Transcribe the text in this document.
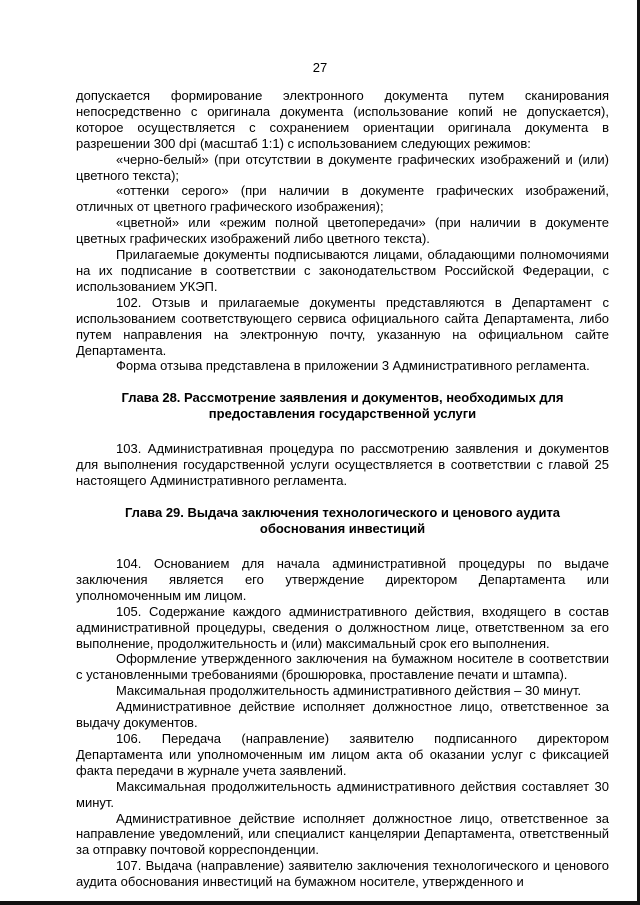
27

допускается формирование электронного документа путем сканирования непосредственно с оригинала документа (использование копий не допускается), которое осуществляется с сохранением ориентации оригинала документа в разрешении 300 dpi (масштаб 1:1) с использованием следующих режимов:

«черно-белый» (при отсутствии в документе графических изображений и (или) цветного текста);

«оттенки серого» (при наличии в документе графических изображений, отличных от цветного графического изображения);

«цветной» или «режим полной цветопередачи» (при наличии в документе цветных графических изображений либо цветного текста).

Прилагаемые документы подписываются лицами, обладающими полномочиями на их подписание в соответствии с законодательством Российской Федерации, с использованием УКЭП.

102. Отзыв и прилагаемые документы представляются в Департамент с использованием соответствующего сервиса официального сайта Департамента, либо путем направления на электронную почту, указанную на официальном сайте Департамента.

Форма отзыва представлена в приложении 3 Административного регламента.

Глава 28. Рассмотрение заявления и документов, необходимых для предоставления государственной услуги

103. Административная процедура по рассмотрению заявления и документов для выполнения государственной услуги осуществляется в соответствии с главой 25 настоящего Административного регламента.

Глава 29. Выдача заключения технологического и ценового аудита обоснования инвестиций

104. Основанием для начала административной процедуры по выдаче заключения является его утверждение директором Департамента или уполномоченным им лицом.

105. Содержание каждого административного действия, входящего в состав административной процедуры, сведения о должностном лице, ответственном за его выполнение, продолжительность и (или) максимальный срок его выполнения.

Оформление утвержденного заключения на бумажном носителе в соответствии с установленными требованиями (брошюровка, проставление печати и штампа).

Максимальная продолжительность административного действия – 30 минут.

Административное действие исполняет должностное лицо, ответственное за выдачу документов.

106. Передача (направление) заявителю подписанного директором Департамента или уполномоченным им лицом акта об оказании услуг с фиксацией факта передачи в журнале учета заявлений.

Максимальная продолжительность административного действия составляет 30 минут.

Административное действие исполняет должностное лицо, ответственное за направление уведомлений, или специалист канцелярии Департамента, ответственный за отправку почтовой корреспонденции.

107. Выдача (направление) заявителю заключения технологического и ценового аудита обоснования инвестиций на бумажном носителе, утвержденного и
